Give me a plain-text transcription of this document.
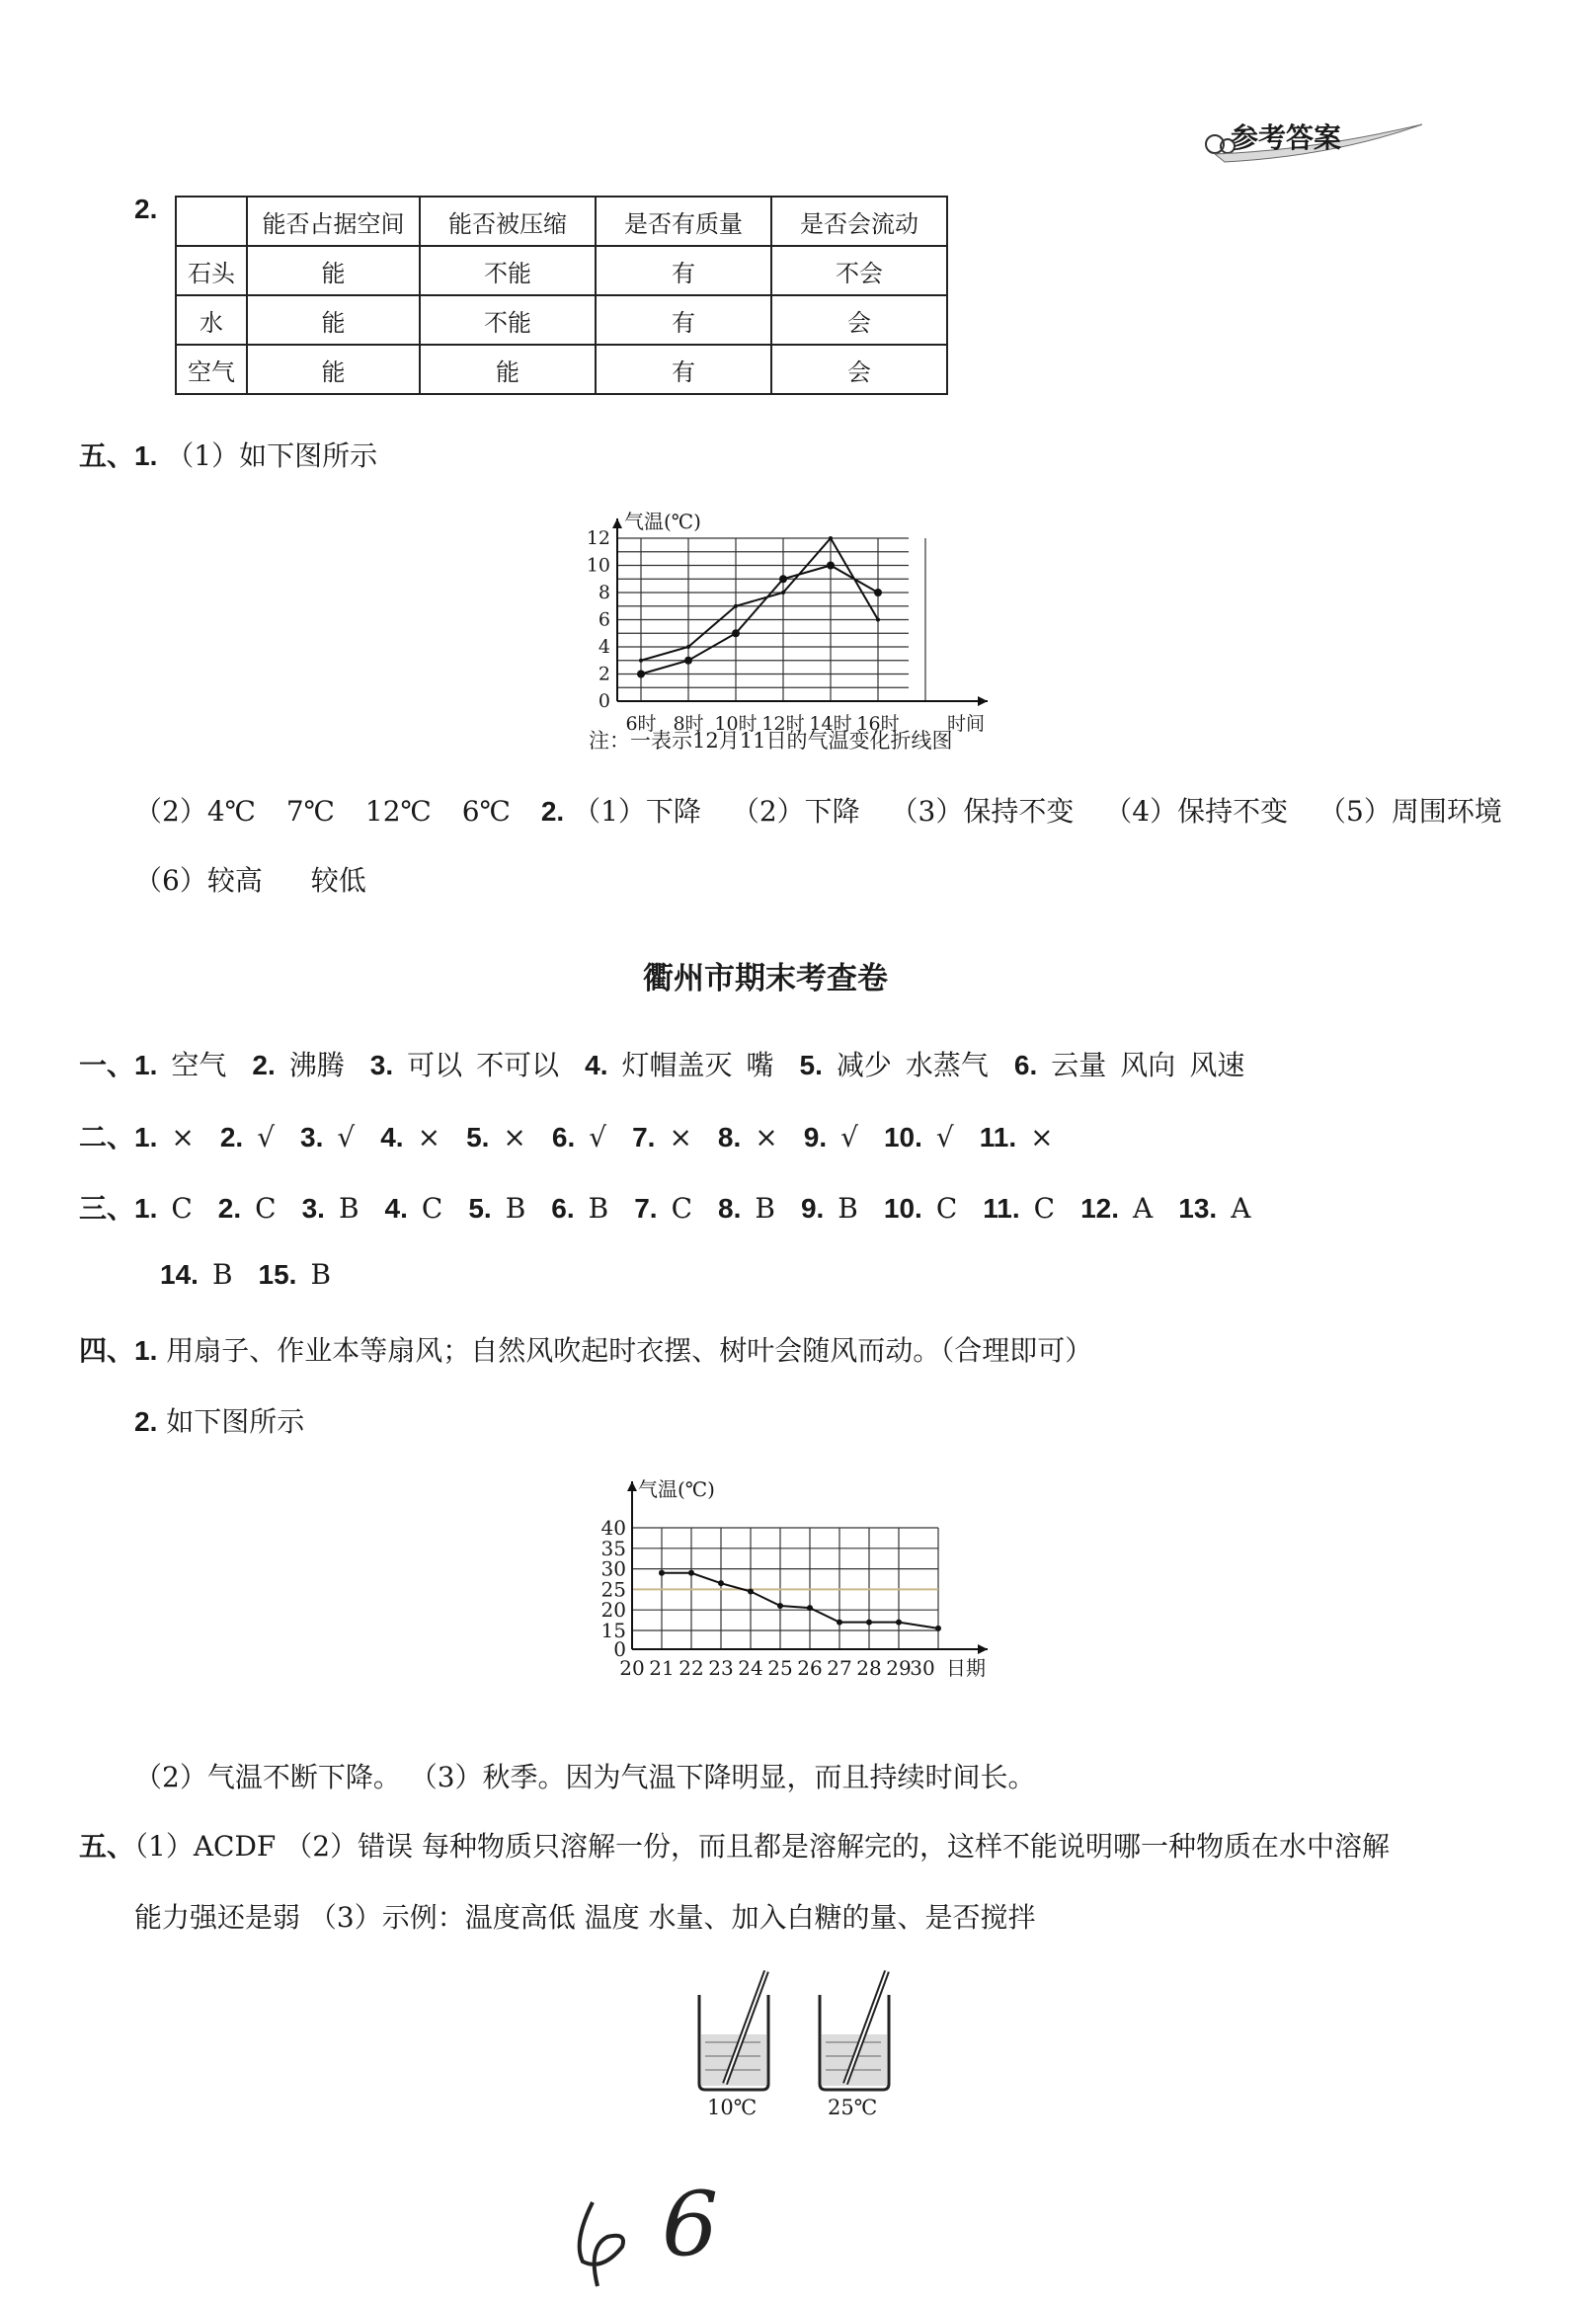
参考答案
2.
		能否占据空间	能否被压缩	是否有质量	是否会流动
石头	能	不能	有	不会
水	能	不能	有	会
空气	能	能	有	会
五、1. （1）如下图所示
气温(℃)
0
2
4
6
8
10
12
6时 8时 10时 12时 14时 16时	时间
注：一表示12月11日的气温变化折线图
（2）4℃ 7℃ 12℃ 6℃ 2. （1）下降 （2）下降 （3）保持不变 （4）保持不变 （5）周围环境
（6）较高 较低
衢州市期末考查卷
一、1. 空气 2. 沸腾 3. 可以 不可以 4. 灯帽盖灭 嘴 5. 减少 水蒸气 6. 云量 风向 风速
二、1. × 2. √ 3. √ 4. × 5. × 6. √ 7. × 8. × 9. √ 10. √ 11. ×
三、1. C 2. C 3. B 4. C 5. B 6. B 7. C 8. B 9. B 10. C 11. C 12. A 13. A
14. B 15. B
四、1. 用扇子、作业本等扇风；自然风吹起时衣摆、树叶会随风而动。（合理即可）
2. 如下图所示
气温(℃)
0
15
20
25
30
35
40
20 21 22 23 24 25 26 27 28 29
30 日期
（2）气温不断下降。 （3）秋季。因为气温下降明显，而且持续时间长。
五、（1）ACDF （2）错误 每种物质只溶解一份，而且都是溶解完的，这样不能说明哪一种物质在水中溶解
能力强还是弱 （3）示例：温度高低 温度 水量、加入白糖的量、是否搅拌
10℃	25℃
6
